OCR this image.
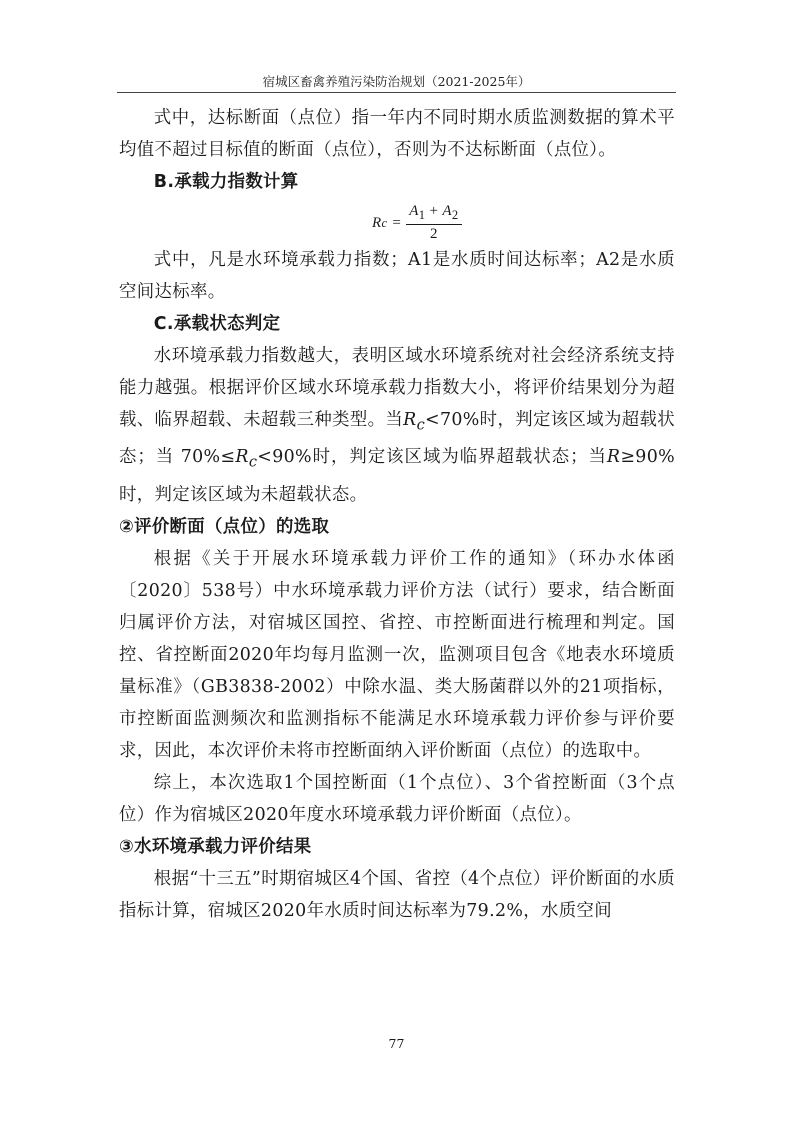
宿城区畜禽养殖污染防治规划（2021-2025年）

式中，达标断面（点位）指一年内不同时期水质监测数据的算术平均值不超过目标值的断面（点位），否则为不达标断面（点位）。

B.承载力指数计算

R $c = \frac{A_1 + A_2}{2}$

式中，凡是水环境承载力指数；A1是水质时间达标率；A2是水质空间达标率。

C.承载状态判定

水环境承载力指数越大，表明区域水环境系统对社会经济系统支持能力越强。根据评价区域水环境承载力指数大小，将评价结果划分为超载、临界超载、未超载三种类型。当$R_c<70\%$时，判定该区域为超载状态；当 $70\%\le R_c<90\%$时，判定该区域为临界超载状态；当R≥90%时，判定该区域为未超载状态。

②评价断面（点位）的选取

根据《关于开展水环境承载力评价工作的通知》（环办水体函〔2020〕538号）中水环境承载力评价方法（试行）要求，结合断面归属评价方法，对宿城区国控、省控、市控断面进行梳理和判定。国控、省控断面2020年均每月监测一次，监测项目包含《地表水环境质量标准》（GB3838-2002）中除水温、类大肠菌群以外的21项指标，市控断面监测频次和监测指标不能满足水环境承载力评价参与评价要求，因此，本次评价未将市控断面纳入评价断面（点位）的选取中。

综上，本次选取1个国控断面（1个点位）、3个省控断面（3个点位）作为宿城区2020年度水环境承载力评价断面（点位）。

③水环境承载力评价结果

根据“十三五”时期宿城区4个国、省控（4个点位）评价断面的水质指标计算，宿城区2020年水质时间达标率为79.2%，水质空间

77
